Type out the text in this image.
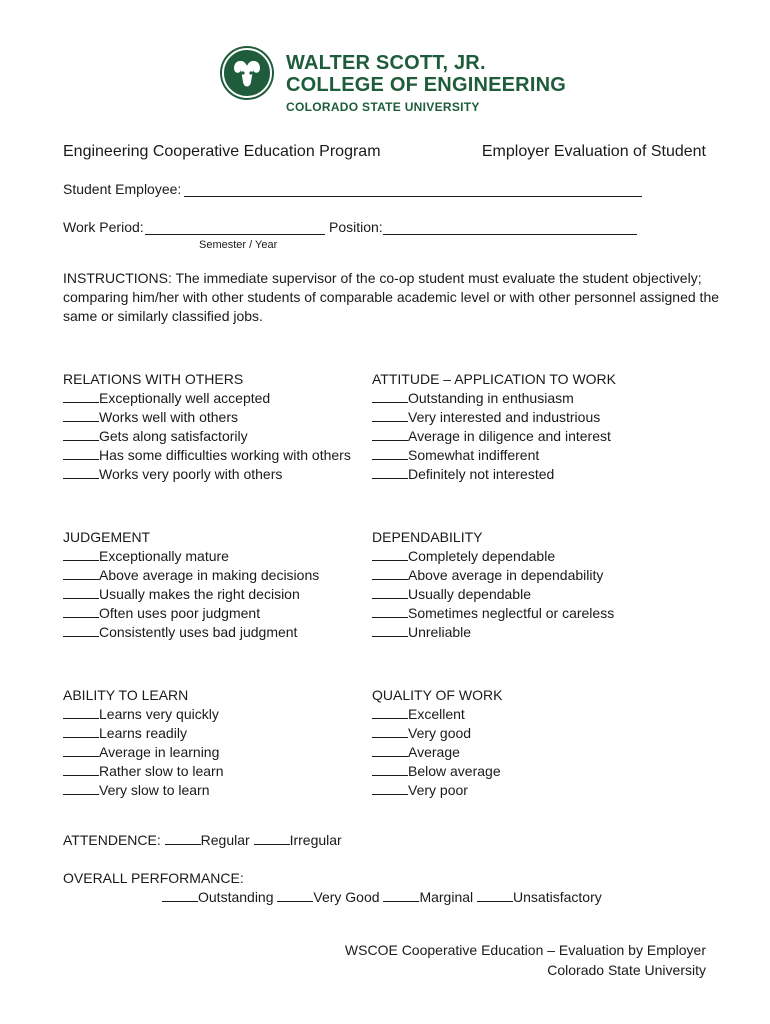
WALTER SCOTT, JR.
COLLEGE OF ENGINEERING
COLORADO STATE UNIVERSITY
Engineering Cooperative Education Program	Employer Evaluation of Student
Student Employee:
Work Period:	Position:
Semester / Year
INSTRUCTIONS: The immediate supervisor of the co-op student must evaluate the student objectively; comparing him/her with other students of comparable academic level or with other personnel assigned the same or similarly classified jobs.
RELATIONS WITH OTHERS
Exceptionally well accepted
Works well with others
Gets along satisfactorily
Has some difficulties working with others
Works very poorly with others
ATTITUDE – APPLICATION TO WORK
Outstanding in enthusiasm
Very interested and industrious
Average in diligence and interest
Somewhat indifferent
Definitely not interested
JUDGEMENT
Exceptionally mature
Above average in making decisions
Usually makes the right decision
Often uses poor judgment
Consistently uses bad judgment
DEPENDABILITY
Completely dependable
Above average in dependability
Usually dependable
Sometimes neglectful or careless
Unreliable
ABILITY TO LEARN
Learns very quickly
Learns readily
Average in learning
Rather slow to learn
Very slow to learn
QUALITY OF WORK
Excellent
Very good
Average
Below average
Very poor
ATTENDENCE:	Regular	Irregular
OVERALL PERFORMANCE:
Outstanding	Very Good	Marginal	Unsatisfactory
WSCOE Cooperative Education – Evaluation by Employer
Colorado State University
